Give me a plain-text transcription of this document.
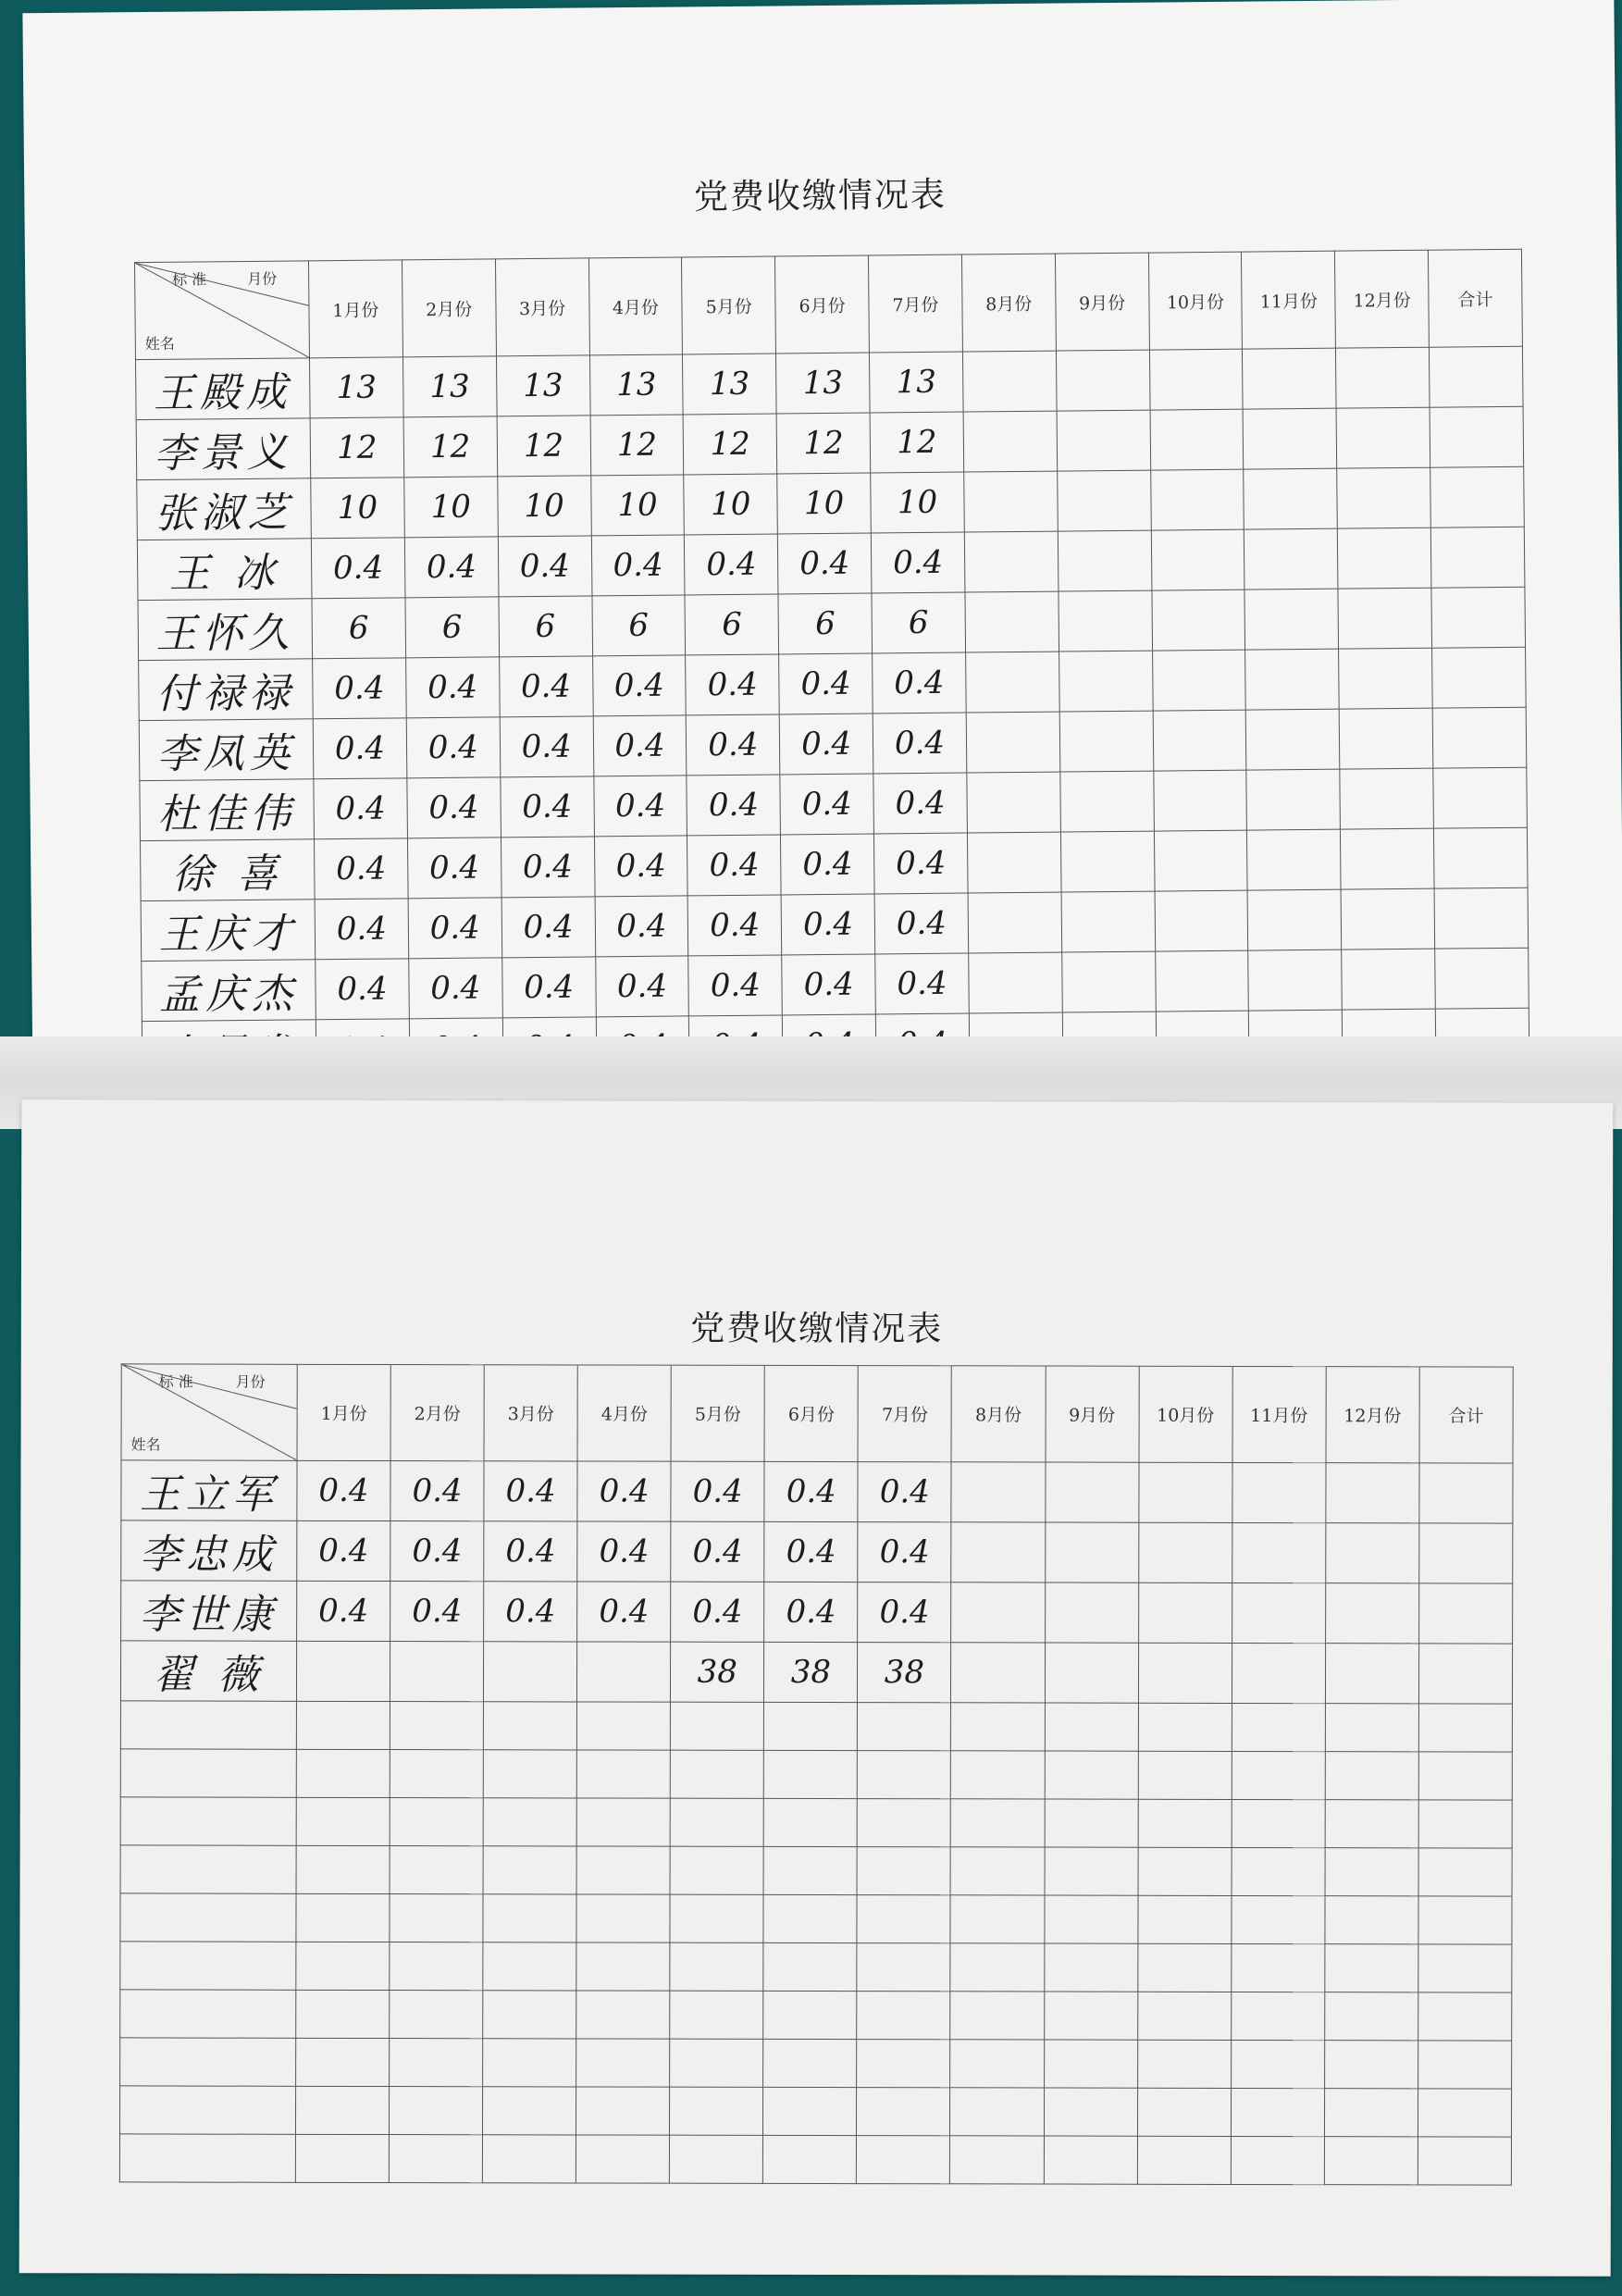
党费收缴情况表
标 准 月份
姓名	1月份	2月份	3月份	4月份	5月份	6月份	7月份	8月份	9月份	10月份	11月份	12月份	合计
王殿成	13	13	13	13	13	13	13						
李景义	12	12	12	12	12	12	12						
张淑芝	10	10	10	10	10	10	10						
王 冰	0.4	0.4	0.4	0.4	0.4	0.4	0.4						
王怀久	6	6	6	6	6	6	6						
付禄禄	0.4	0.4	0.4	0.4	0.4	0.4	0.4						
李凤英	0.4	0.4	0.4	0.4	0.4	0.4	0.4						
杜佳伟	0.4	0.4	0.4	0.4	0.4	0.4	0.4						
徐 喜	0.4	0.4	0.4	0.4	0.4	0.4	0.4						
王庆才	0.4	0.4	0.4	0.4	0.4	0.4	0.4						
孟庆杰	0.4	0.4	0.4	0.4	0.4	0.4	0.4						

党费收缴情况表
标 准 月份
姓名	1月份	2月份	3月份	4月份	5月份	6月份	7月份	8月份	9月份	10月份	11月份	12月份	合计
王立军	0.4	0.4	0.4	0.4	0.4	0.4	0.4						
李忠成	0.4	0.4	0.4	0.4	0.4	0.4	0.4						
李世康	0.4	0.4	0.4	0.4	0.4	0.4	0.4						
翟 薇					38	38	38						
